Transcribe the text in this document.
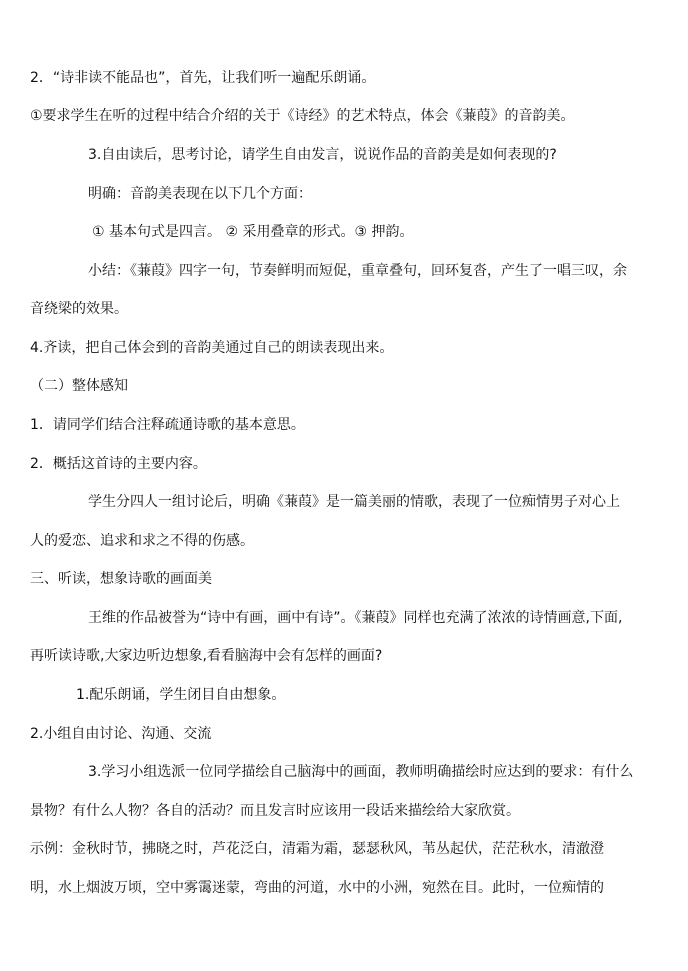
2．“诗非读不能品也”，首先，让我们听一遍配乐朗诵。
①要求学生在听的过程中结合介绍的关于《诗经》的艺术特点，体会《蒹葭》的音韵美。
3.自由读后，思考讨论，请学生自由发言，说说作品的音韵美是如何表现的?
明确：音韵美表现在以下几个方面：
① 基本句式是四言。 ② 采用叠章的形式。③ 押韵。
小结：《蒹葭》四字一句，节奏鲜明而短促，重章叠句，回环复沓，产生了一唱三叹，余
音绕梁的效果。
4.齐读，把自己体会到的音韵美通过自己的朗读表现出来。
（二）整体感知
1．请同学们结合注释疏通诗歌的基本意思。
2．概括这首诗的主要内容。
学生分四人一组讨论后，明确《蒹葭》是一篇美丽的情歌，表现了一位痴情男子对心上
人的爱恋、追求和求之不得的伤感。
三、听读，想象诗歌的画面美
王维的作品被誉为“诗中有画，画中有诗”。《蒹葭》同样也充满了浓浓的诗情画意,下面,
再听读诗歌,大家边听边想象,看看脑海中会有怎样的画面?
1.配乐朗诵，学生闭目自由想象。
2.小组自由讨论、沟通、交流
3.学习小组选派一位同学描绘自己脑海中的画面，教师明确描绘时应达到的要求：有什么
景物？有什么人物？各自的活动？而且发言时应该用一段话来描绘给大家欣赏。
示例：金秋时节，拂晓之时，芦花泛白，清霜为霜，瑟瑟秋风，苇丛起伏，茫茫秋水，清澈澄
明，水上烟波万顷，空中雾霭迷蒙，弯曲的河道，水中的小洲，宛然在目。此时，一位痴情的
